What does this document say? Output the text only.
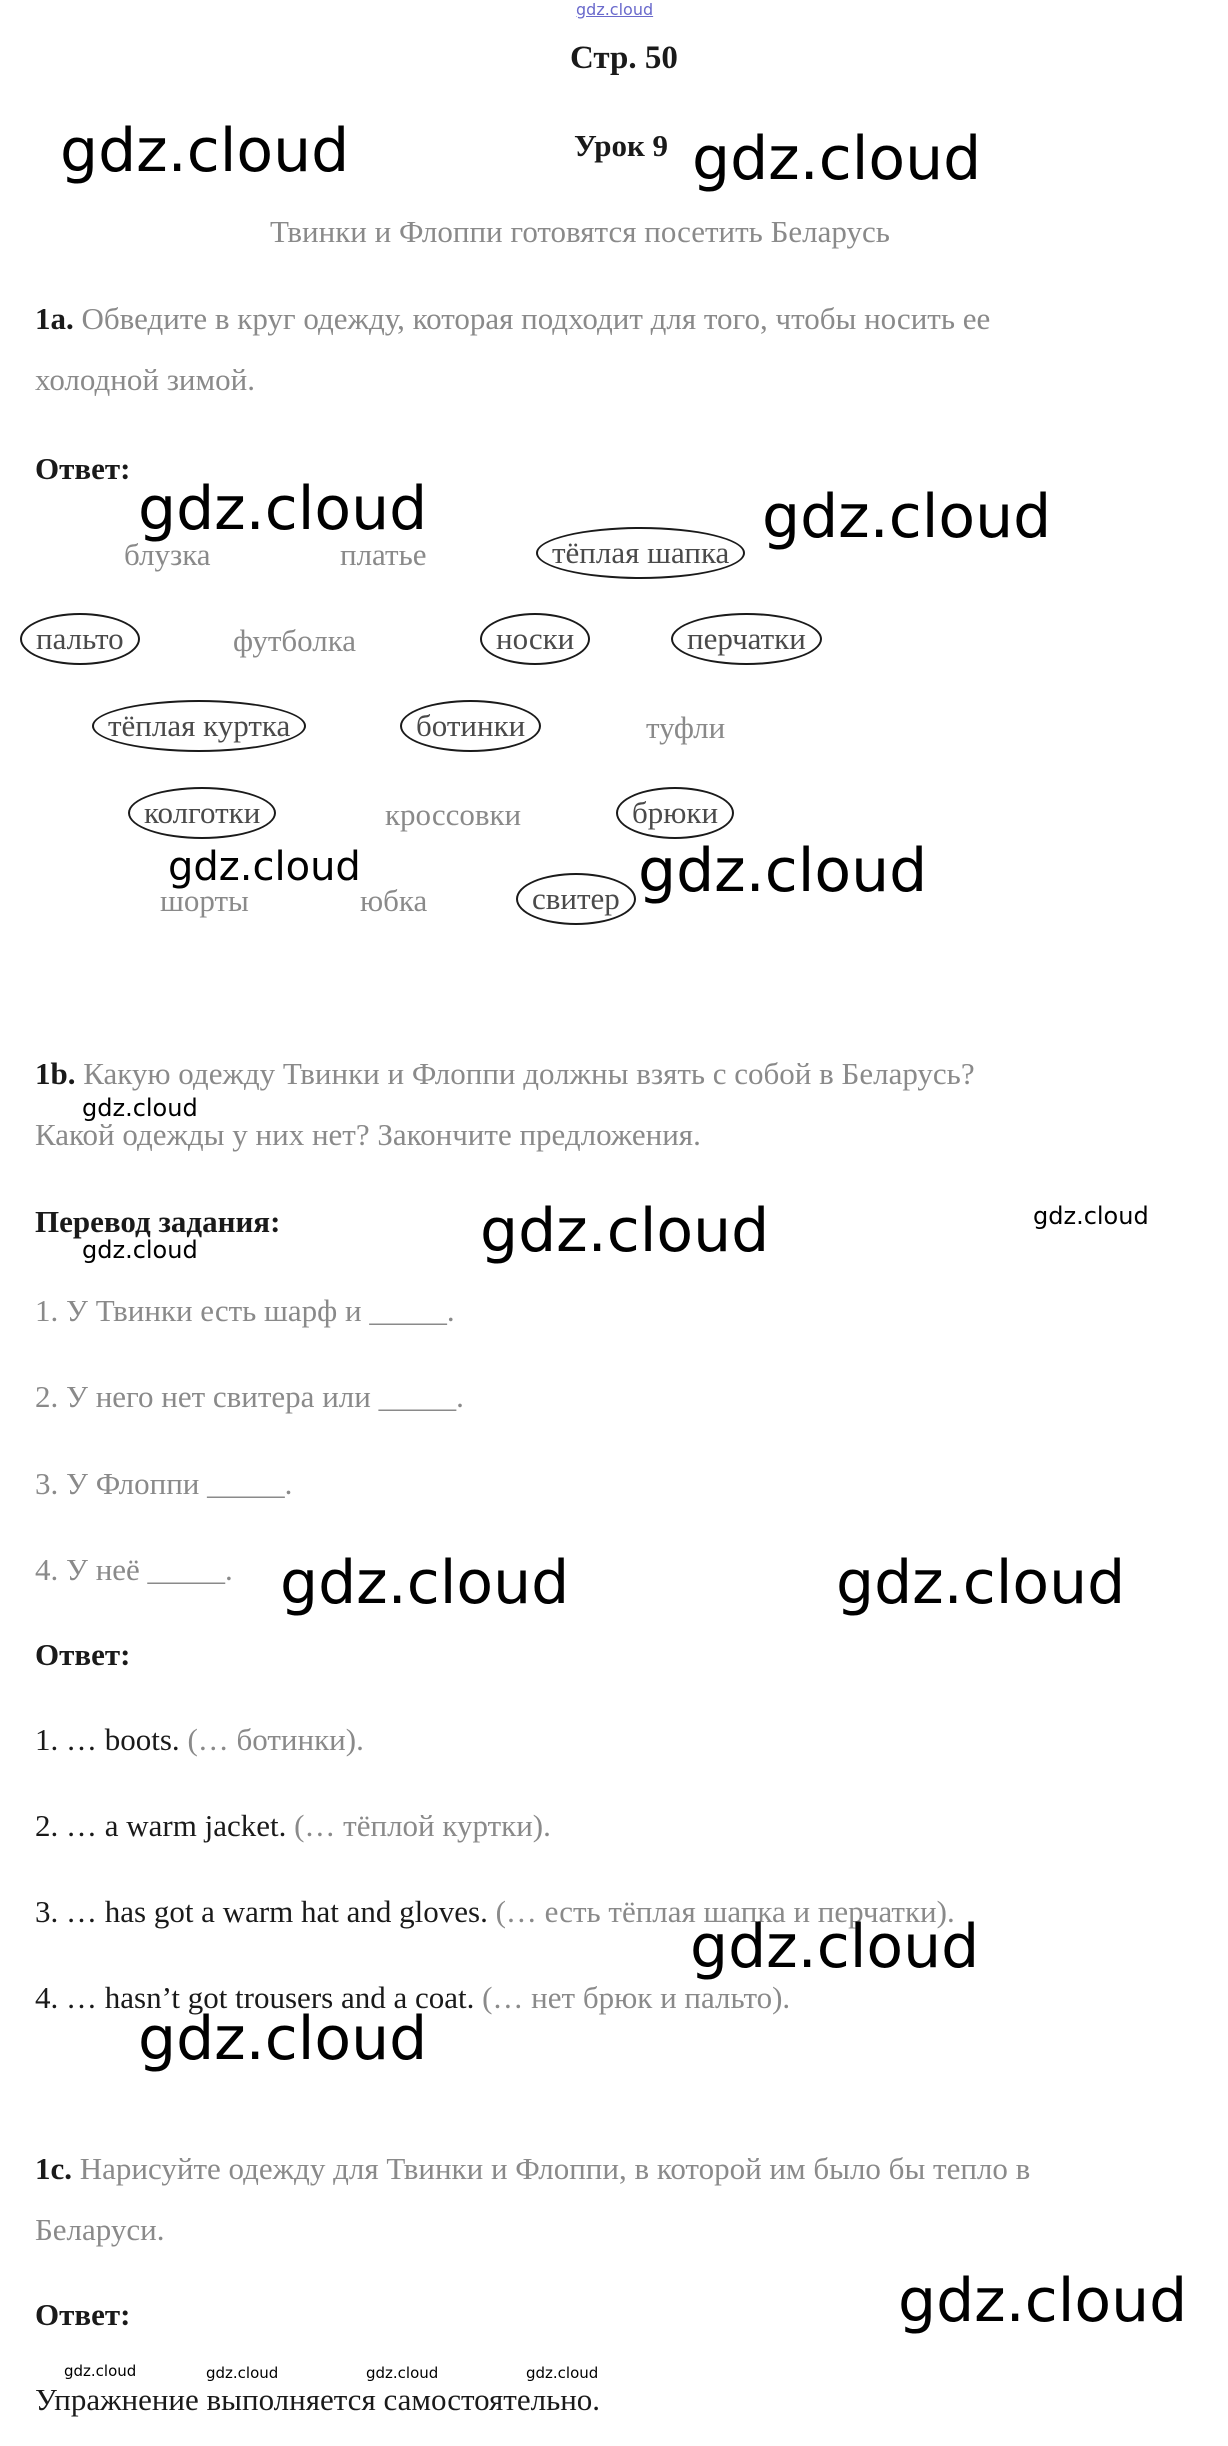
gdz.cloud
Стр. 50
Урок 9
Твинки и Флоппи готовятся посетить Беларусь
1a. Обведите в круг одежду, которая подходит для того, чтобы носить ее
холодной зимой.
Ответ:
блузка	платье	тёплая шапка
пальто	футболка	носки	перчатки
тёплая куртка	ботинки	туфли
колготки	кроссовки	брюки
шорты	юбка	свитер
1b. Какую одежду Твинки и Флоппи должны взять с собой в Беларусь?
Какой одежды у них нет? Закончите предложения.
Перевод задания:
1. У Твинки есть шарф и _____.
2. У него нет свитера или _____.
3. У Флоппи _____.
4. У неё _____.
Ответ:
1. … boots. (… ботинки).
2. … a warm jacket. (… тёплой куртки).
3. … has got a warm hat and gloves. (… есть тёплая шапка и перчатки).
4. … hasn’t got trousers and a coat. (… нет брюк и пальто).
1c. Нарисуйте одежду для Твинки и Флоппи, в которой им было бы тепло в
Беларуси.
Ответ:
Упражнение выполняется самостоятельно.
gdz.cloud	gdz.cloud
gdz.cloud	gdz.cloud
gdz.cloud	gdz.cloud
gdz.cloud
gdz.cloud	gdz.cloud
gdz.cloud
gdz.cloud	gdz.cloud
gdz.cloud
gdz.cloud
gdz.cloud
gdz.cloud	gdz.cloud	gdz.cloud	gdz.cloud
